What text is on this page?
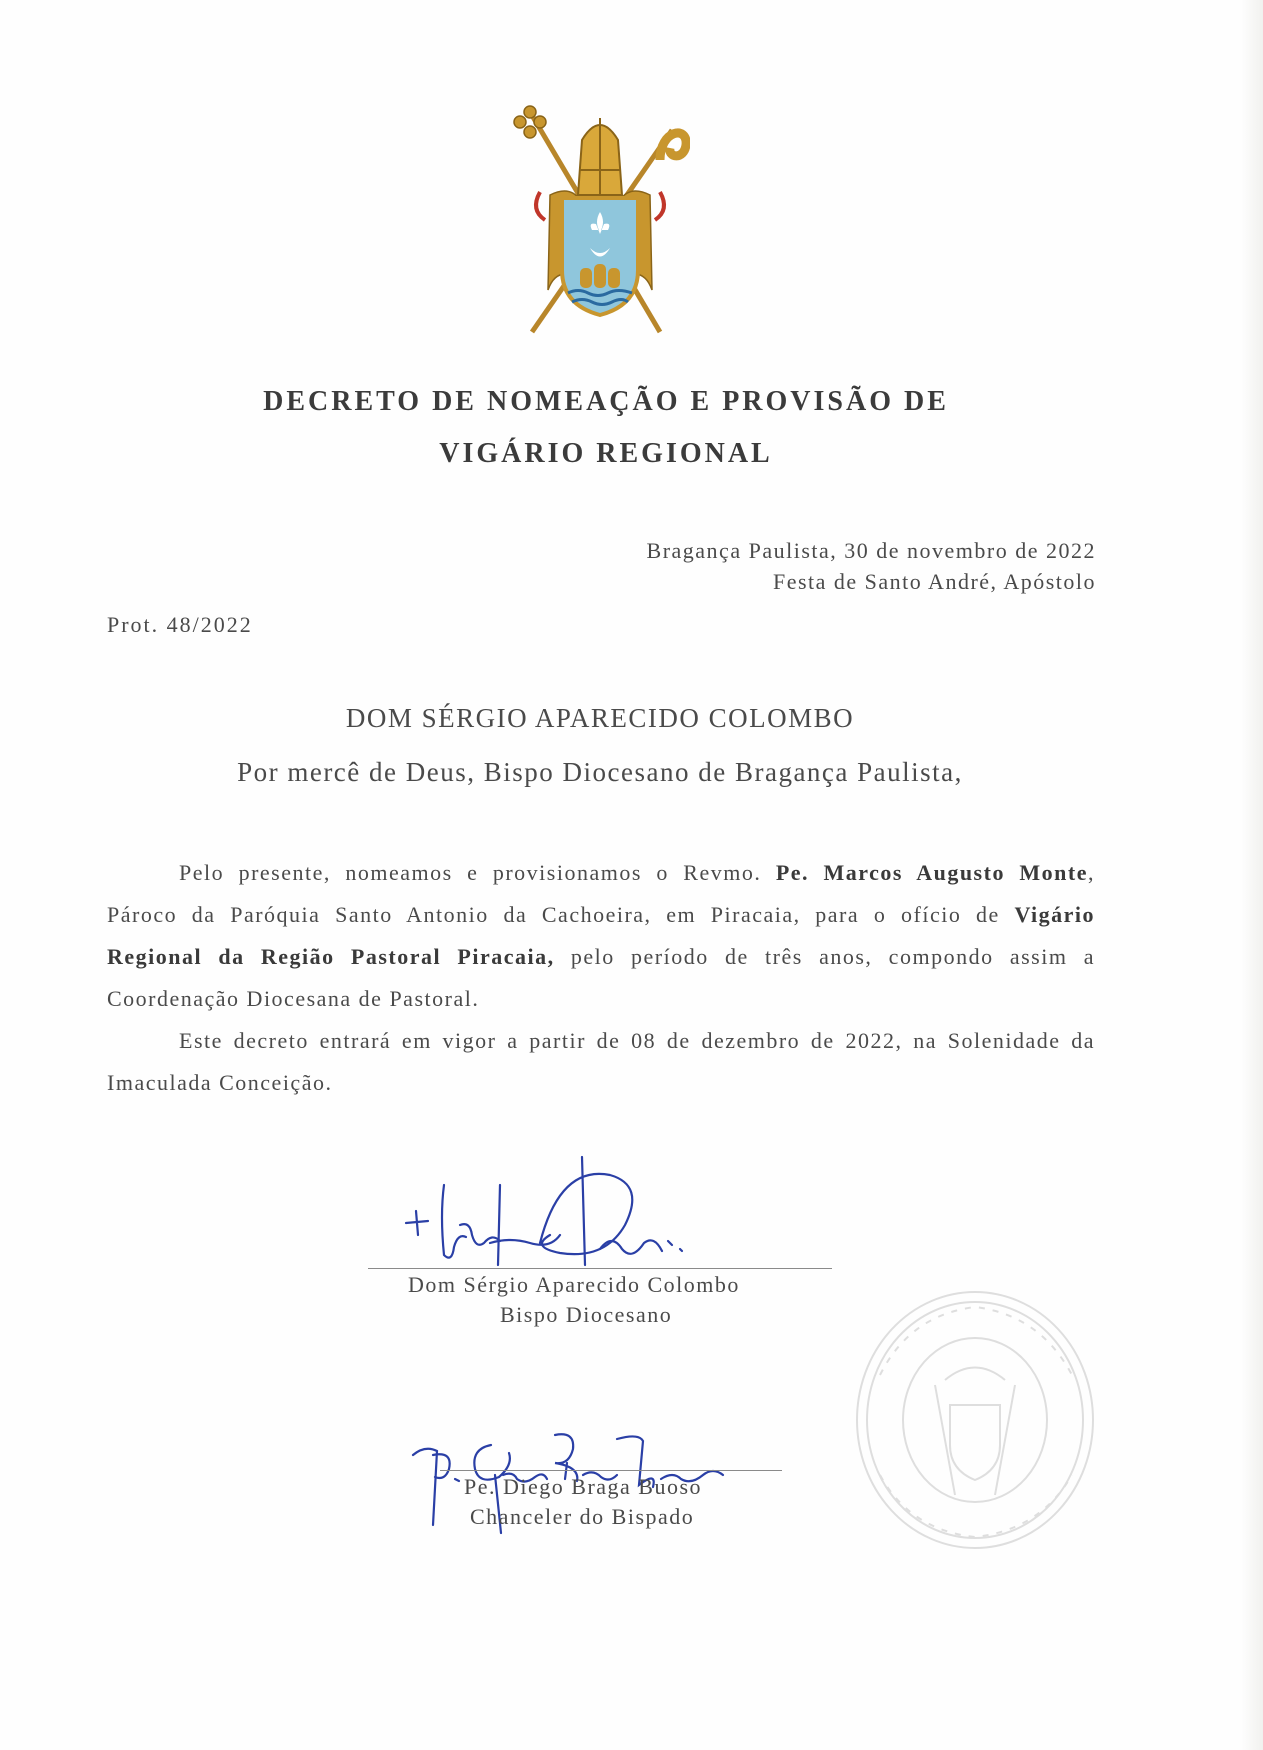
DECRETO DE NOMEAÇÃO E PROVISÃO DE
VIGÁRIO REGIONAL
Bragança Paulista, 30 de novembro de 2022
Festa de Santo André, Apóstolo
Prot. 48/2022
DOM SÉRGIO APARECIDO COLOMBO
Por mercê de Deus, Bispo Diocesano de Bragança Paulista,

Pelo presente, nomeamos e provisionamos o Revmo. Pe. Marcos Augusto Monte, Pároco da Paróquia Santo Antonio da Cachoeira, em Piracaia, para o ofício de Vigário Regional da Região Pastoral Piracaia, pelo período de três anos, compondo assim a Coordenação Diocesana de Pastoral.

Este decreto entrará em vigor a partir de 08 de dezembro de 2022, na Solenidade da Imaculada Conceição.

Dom Sérgio Aparecido Colombo
Bispo Diocesano
Pe. Diego Braga Buoso
Chanceler do Bispado
